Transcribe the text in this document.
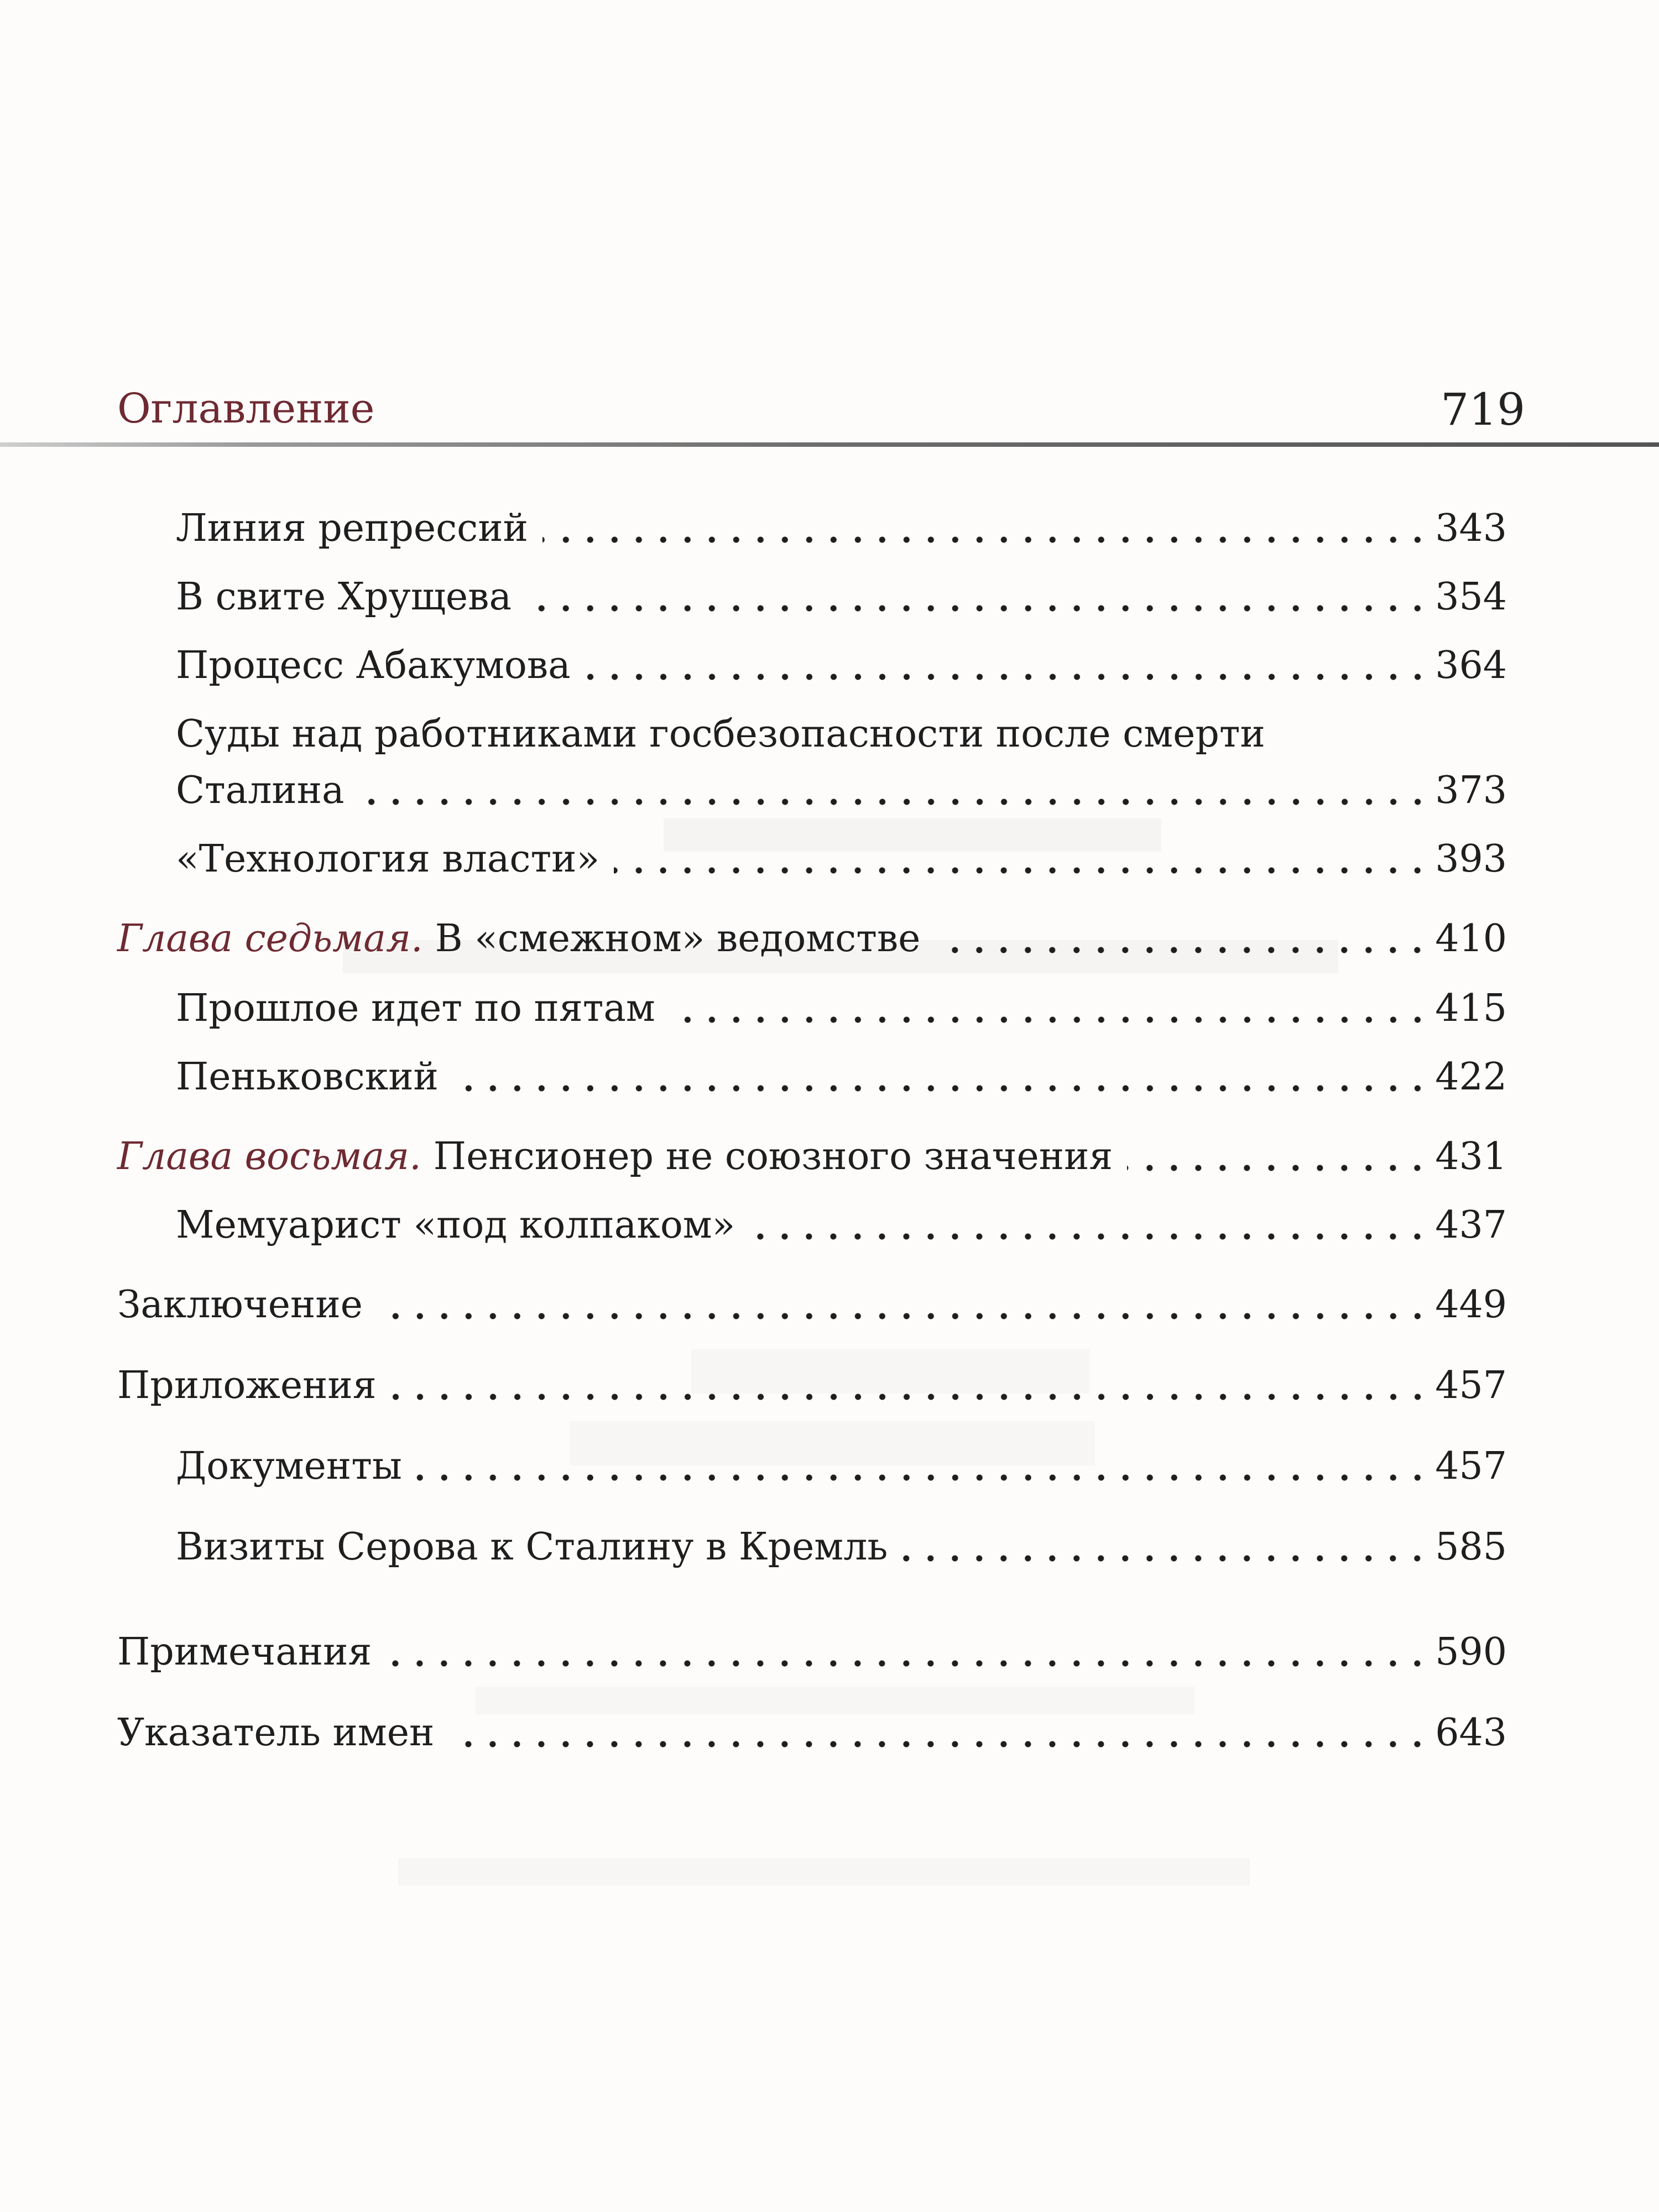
Оглавление	719
Линия репрессий	343
В свите Хрущева	354
Процесс Абакумова	364
Суды над работниками госбезопасности после смерти
Сталина	373
«Технология власти»	393
Глава седьмая. В «смежном» ведомстве	410
Прошлое идет по пятам	415
Пеньковский	422
Глава восьмая. Пенсионер не союзного значения	431
Мемуарист «под колпаком»	437
Заключение	449
Приложения	457
Документы	457
Визиты Серова к Сталину в Кремль	585
Примечания	590
Указатель имен	643
